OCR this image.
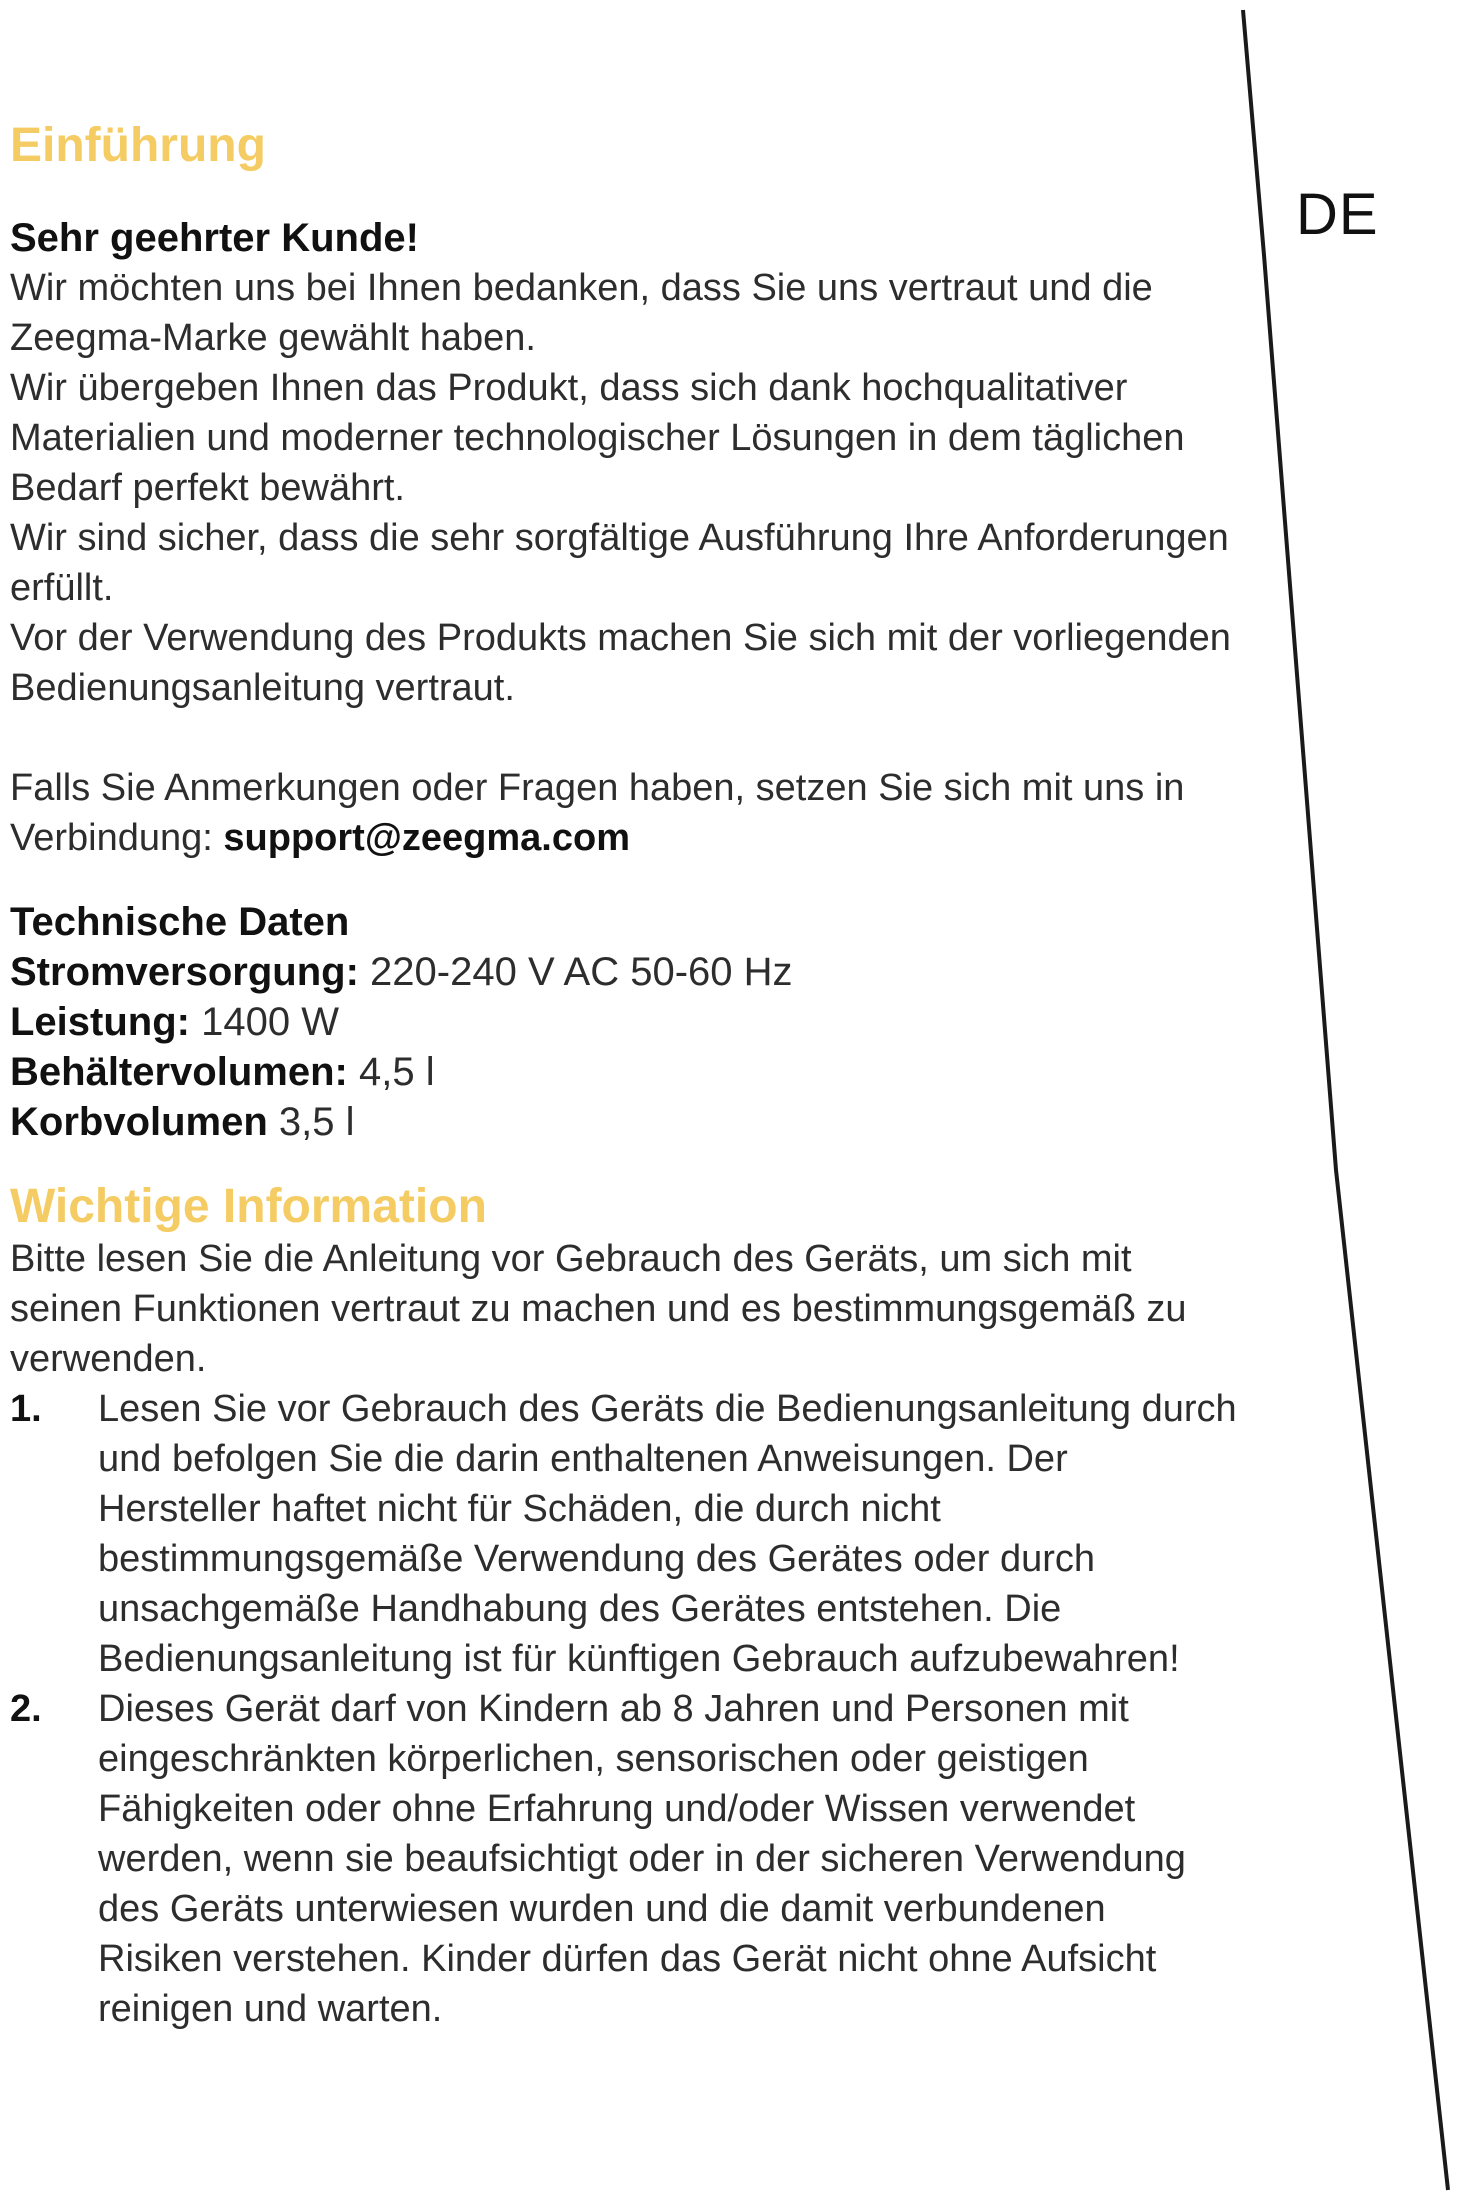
DE
Einführung
Sehr geehrter Kunde!

Wir möchten uns bei Ihnen bedanken, dass Sie uns vertraut und die Zeegma-Marke gewählt haben.

Wir übergeben Ihnen das Produkt, dass sich dank hochqualitativer Materialien und moderner technologischer Lösungen in dem täglichen Bedarf perfekt bewährt.

Wir sind sicher, dass die sehr sorgfältige Ausführung Ihre Anforderungen erfüllt.

Vor der Verwendung des Produkts machen Sie sich mit der vorliegenden Bedienungsanleitung vertraut.

Falls Sie Anmerkungen oder Fragen haben, setzen Sie sich mit uns in Verbindung: support@zeegma.com

Technische Daten
Stromversorgung: 220-240 V AC 50-60 Hz
Leistung: 1400 W
Behältervolumen: 4,5 l
Korbvolumen 3,5 l
Wichtige Information

Bitte lesen Sie die Anleitung vor Gebrauch des Geräts, um sich mit seinen Funktionen vertraut zu machen und es bestimmungsgemäß zu verwenden.

1. Lesen Sie vor Gebrauch des Geräts die Bedienungsanleitung durch und befolgen Sie die darin enthaltenen Anweisungen. Der Hersteller haftet nicht für Schäden, die durch nicht bestimmungsgemäße Verwendung des Gerätes oder durch unsachgemäße Handhabung des Gerätes entstehen. Die Bedienungsanleitung ist für künftigen Gebrauch aufzubewahren!

2. Dieses Gerät darf von Kindern ab 8 Jahren und Personen mit eingeschränkten körperlichen, sensorischen oder geistigen Fähigkeiten oder ohne Erfahrung und/oder Wissen verwendet werden, wenn sie beaufsichtigt oder in der sicheren Verwendung des Geräts unterwiesen wurden und die damit verbundenen Risiken verstehen. Kinder dürfen das Gerät nicht ohne Aufsicht reinigen und warten.
